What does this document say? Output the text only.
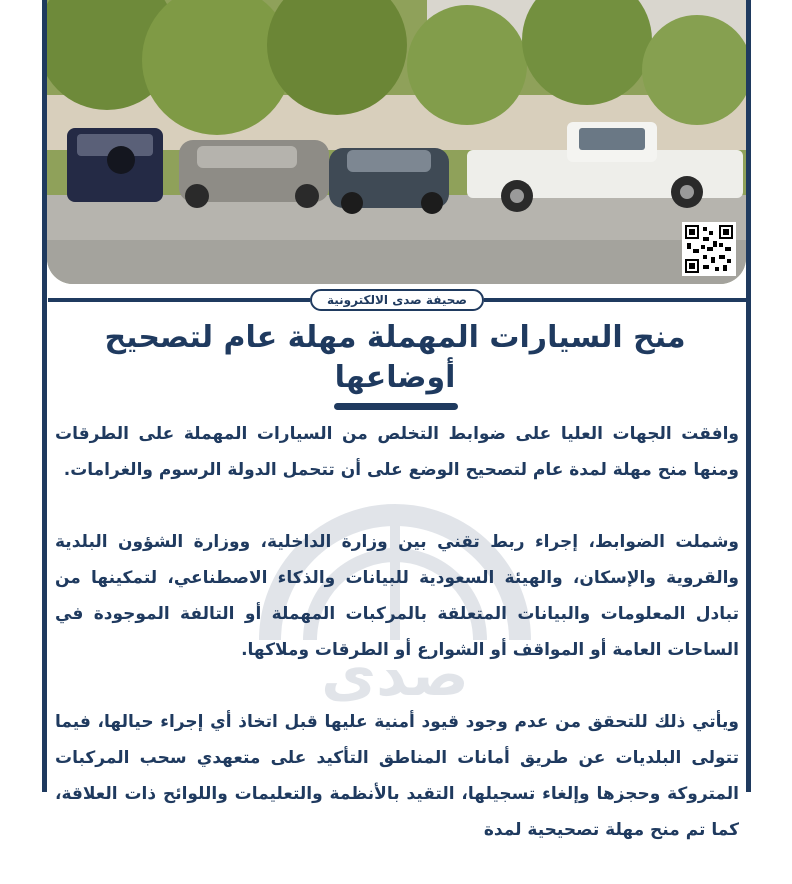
صحيفة صدى الالكترونية
منح السيارات المهملة مهلة عام لتصحيح أوضاعها
صدى

وافقت الجهات العليا على ضوابط التخلص من السيارات المهملة على الطرقات ومنها منح مهلة لمدة عام لتصحيح الوضع على أن تتحمل الدولة الرسوم والغرامات.

وشملت الضوابط، إجراء ربط تقني بين وزارة الداخلية، ووزارة الشؤون البلدية والقروية والإسكان، والهيئة السعودية للبيانات والذكاء الاصطناعي، لتمكينها من تبادل المعلومات والبيانات المتعلقة بالمركبات المهملة أو التالفة الموجودة في الساحات العامة أو المواقف أو الشوارع أو الطرقات وملاكها.

ويأتي ذلك للتحقق من عدم وجود قيود أمنية عليها قبل اتخاذ أي إجراء حيالها، فيما تتولى البلديات عن طريق أمانات المناطق التأكيد على متعهدي سحب المركبات المتروكة وحجزها وإلغاء تسجيلها، التقيد بالأنظمة والتعليمات واللوائح ذات العلاقة، كما تم منح مهلة تصحيحية لمدة
